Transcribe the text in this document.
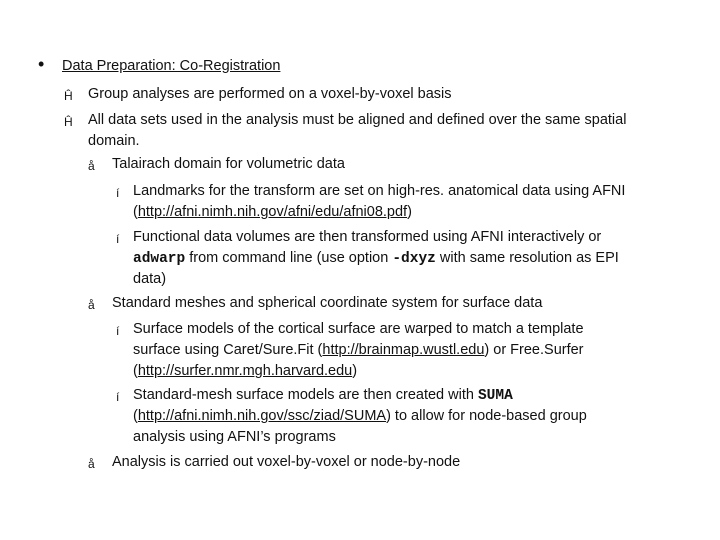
• Data Preparation: Co-Registration
Ĥ Group analyses are performed on a voxel-by-voxel basis
Ĥ All data sets used in the analysis must be aligned and defined over the same spatial
domain.
å Talairach domain for volumetric data
í Landmarks for the transform are set on high-res. anatomical data using AFNI
(http://afni.nimh.nih.gov/afni/edu/afni08.pdf)
í Functional data volumes are then transformed using AFNI interactively or
adwarp from command line (use option -dxyz with same resolution as EPI
data)
å Standard meshes and spherical coordinate system for surface data
í Surface models of the cortical surface are warped to match a template
surface using Caret/Sure.Fit (http://brainmap.wustl.edu) or Free.Surfer
(http://surfer.nmr.mgh.harvard.edu)
í Standard-mesh surface models are then created with SUMA
(http://afni.nimh.nih.gov/ssc/ziad/SUMA) to allow for node-based group
analysis using AFNI’s programs
å Analysis is carried out voxel-by-voxel or node-by-node
